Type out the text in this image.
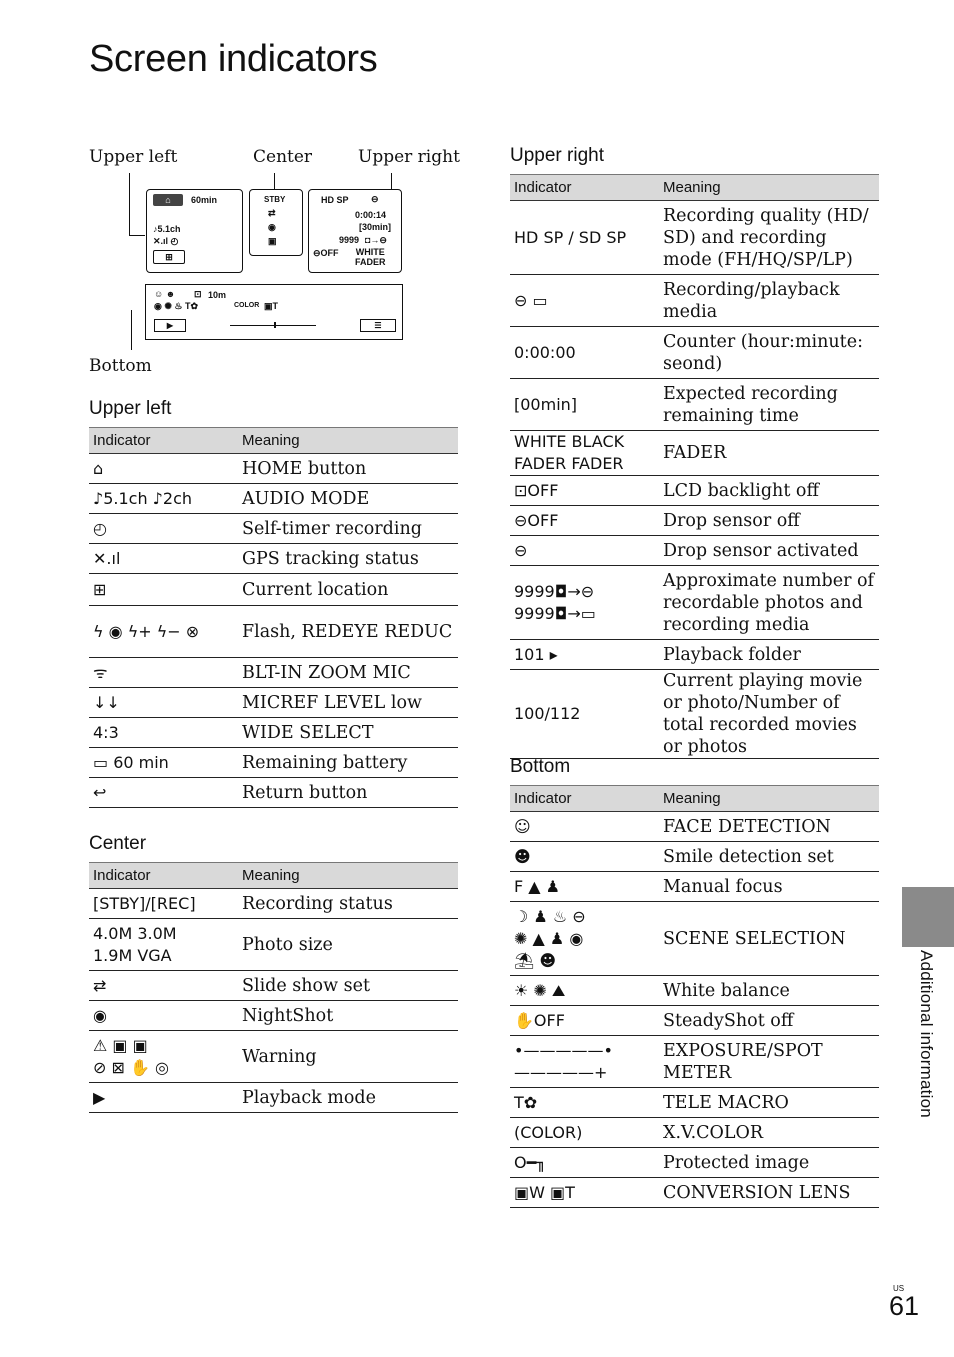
Screen indicators
Upper left	Center	Upper right
Bottom
⌂	60min
♪5.1ch
✕.ıl ◴
⊞
STBY
⇄
◉
▣
HD SP ⊖
0:00:14
[30min]
9999 ◘→⊖
⊖OFF WHITE
FADER
☺ ☻ ⊡ 10m
◉ ✺ ♨ T✿	COLOR ▣T
▶	☰
Upper left
Indicator	Meaning
⌂	HOME button
♪5.1ch ♪2ch	AUDIO MODE
◴	Self-timer recording
✕.ıl	GPS tracking status
⊞	Current location
ϟ ◉ ϟ+ ϟ− ⊗	Flash, REDEYE REDUC
ᯤ	BLT-IN ZOOM MIC
↓↓	MICREF LEVEL low
4:3	WIDE SELECT
▭ 60 min	Remaining battery
↩	Return button
Center
Indicator	Meaning
[STBY]/[REC]	Recording status
4.0M 3.0M
1.9M VGA	Photo size
⇄	Slide show set
◉	NightShot
⚠ ▣ ▣
⊘ ⊠ ✋ ◎	Warning
▶	Playback mode
Upper right
Indicator	Meaning
HD SP / SD SP	Recording quality (HD/ SD) and recording mode (FH/HQ/SP/LP)
⊖ ▭	Recording/playback media
0:00:00	Counter (hour:minute: seond)
[00min]	Expected recording remaining time
WHITE BLACK FADER FADER	FADER
⊡OFF	LCD backlight off
⊖OFF	Drop sensor off
⊖	Drop sensor activated
9999◘→⊖
9999◘→▭	Approximate number of recordable photos and recording media
101 ▸	Playback folder
100/112	Current playing movie or photo/Number of total recorded movies or photos
Bottom
Indicator	Meaning
☺	FACE DETECTION
☻	Smile detection set
F ▲ ♟	Manual focus
☽ ♟ ♨ ⊖
✺ ▲ ♟ ◉
⛱ ☻	SCENE SELECTION
☀ ✺ ⛰	White balance
✋OFF	SteadyShot off
•—————•—————+	EXPOSURE/SPOT METER
T✿	TELE MACRO
(COLOR)	X.V.COLOR
O━╖	Protected image
▣W ▣T	CONVERSION LENS
Additional information
US
61
